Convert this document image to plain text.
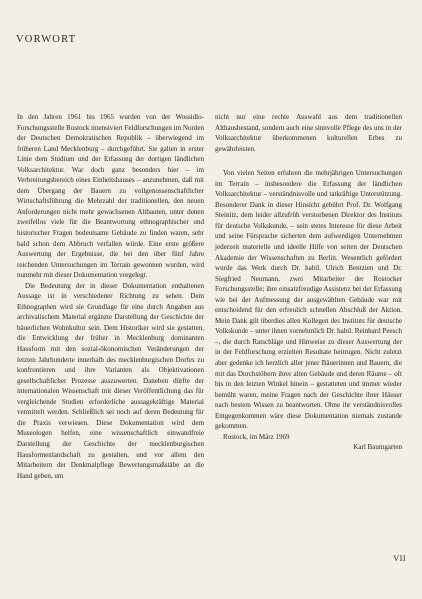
VORWORT

In den Jahren 1961 bis 1965 wurden von der Wossidlo-Forschungsstelle Rostock intensiviert Feldforschungen im Norden der Deutschen Demokratischen Republik – überwiegend im früheren Land Mecklenburg – durchgeführt. Sie galten in erster Linie dem Studium und der Erfassung der dortigen ländlichen Volksarchitektur. War doch ganz besonders hier – im Verbreitungsbereich eines Einheitshauses – anzunehmen, daß mit dem Übergang der Bauern zu vollgenossenschaftlicher Wirtschaftsführung die Mehrzahl der traditionellen, den neuen Anforderungen nicht mehr gewachsenen Altbauten, unter denen zweifellos viele für die Beantwortung ethnographischer und historischer Fragen bedeutsame Gebäude zu finden waren, sehr bald schon dem Abbruch verfallen würde. Eine erste größere Auswertung der Ergebnisse, die bei den über fünf Jahre reichenden Untersuchungen im Terrain gewonnen wurden, wird nunmehr mit dieser Dokumentation vorgelegt.

Die Bedeutung der in dieser Dokumentation enthaltenen Aussage ist in verschiedener Richtung zu sehen. Dem Ethnographen wird sie Grundlage für eine durch Angaben aus archivalischem Material ergänzte Darstellung der Geschichte der bäuerlichen Wohnkultur sein. Dem Historiker wird sie gestatten, die Entwicklung der früher in Mecklenburg dominanten Hausform mit den sozial-ökonomischen Veränderungen der letzten Jahrhunderte innerhalb des mecklenburgischen Dorfes zu konfrontieren und ihre Varianten als Objektivationen gesellschaftlicher Prozesse auszuwerten. Daneben dürfte der internationalen Wissenschaft mit dieser Veröffentlichung das für vergleichende Studien erforderliche aussagekräftige Material vermittelt werden. Schließlich sei noch auf deren Bedeutung für die Praxis verwiesen. Diese Dokumentation wird dem Museologen helfen, eine wissenschaftlich einwandfreie Darstellung der Geschichte der mecklenburgischen Hausformenlandschaft zu gestalten, und vor allem den Mitarbeitern der Denkmalpflege Bewertungsmaßstäbe an die Hand geben, um

nicht nur eine rechte Auswahl aus dem traditionellen Althausbestand, sondern auch eine sinnvolle Pflege des uns in der Volksarchitektur überkommenen kulturellen Erbes zu gewährleisten.

Von vielen Seiten erfuhren die mehrjährigen Untersuchungen im Terrain – insbesondere die Erfassung der ländlichen Volksarchitektur – verständnisvolle und tatkräftige Unterstützung. Besonderer Dank in dieser Hinsicht gebührt Prof. Dr. Wolfgang Steinitz, dem leider allzufrüh verstorbenen Direktor des Instituts für deutsche Volkskunde, – sein stetes Interesse für diese Arbeit und seine Fürsprache sicherten dem aufwendigen Unternehmen jederzeit materielle und ideelle Hilfe von seiten der Deutschen Akademie der Wissenschaften zu Berlin. Wesentlich gefördert wurde das Werk durch Dr. habil. Ulrich Bentzien und Dr. Siegfried Neumann, zwei Mitarbeiter der Rostocker Forschungsstelle; ihre einsatzfreudige Assistenz bei der Erfassung wie bei der Aufmessung der ausgewählten Gebäude war mit entscheidend für den erfreulich schnellen Abschluß der Aktion. Mein Dank gilt überdies allen Kollegen des Instituts für deutsche Volkskunde – unter ihnen vornehmlich Dr. habil. Reinhard Peesch –, die durch Ratschläge und Hinweise zu dieser Auswertung der in der Feldforschung erzielten Resultate beitrugen. Nicht zuletzt aber gedenke ich herzlich aller jener Bäuerinnen und Bauern, die mit das Durchstöbern ihrer alten Gebäude und deren Räume – oft bis in den letzten Winkel hinein – gestatteten und immer wieder bemüht waren, meine Fragen nach der Geschichte ihrer Häuser nach bestem Wissen zu beantworten. Ohne ihr verständnisvolles Entgegenkommen wäre diese Dokumentation niemals zustande gekommen.

Rostock, im März 1969

Karl Baumgarten

VII
